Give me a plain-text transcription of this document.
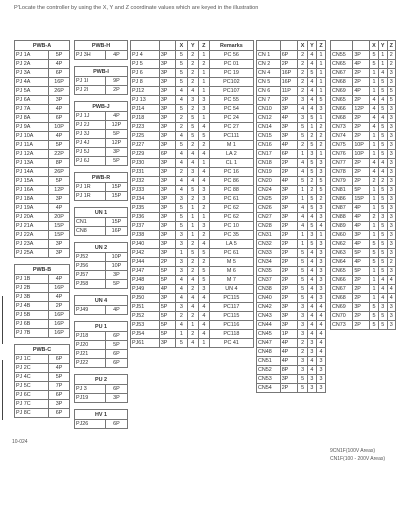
P'Locate the controller by using the X, Y and Z coordinate values which are keyed in the illustration
PWB-A	
PJ 1A	5P
PJ 2A	4P
PJ 3A	6P
PJ 4A	16P
PJ 5A	26P
PJ 6A	3P
PJ 7A	4P
PJ 8A	6P
PJ 9A	10P
PJ 10A	4P
PJ 11A	5P
PJ 12A	22P
PJ 13A	8P
PJ 14A	26P
PJ 15A	5P
PJ 16A	12P
PJ 18A	3P
PJ 19A	4P
PJ 20A	20P
PJ 21A	15P
PJ 22A	15P
PJ 23A	3P
PJ 25A	3P

PWB-B	
PJ 1B	4P
PJ 2B	16P
PJ 3B	4P
PJ 4B	2P
PJ 5B	16P
PJ 6B	16P
PJ 7B	16P

PWB-C	
PJ 1C	6P
PJ 2C	4P
PJ 4C	5P
PJ 5C	7P
PJ 6C	6P
PJ 7C	3P
PJ 8C	6P
PWB-H	
PJ 3H	4P

PWB-I	
PJ 1I	9P
PJ 2I	2P

PWB-J	
PJ 1J	4P
PJ 2J	12P
PJ 3J	5P
PJ 4J	12P
PJ 5J	3P
PJ 6J	5P

PWB-R	
PJ 1R	15P
PJ 1R	15P

UN 1	
CN1	15P
CN8	16P

UN 2	
PJ52	10P
PJ56	10P
PJ57	3P
PJ58	5P

UN 4	
PJ49	4P

PU 1	
PJ18	6P
PJ20	5P
PJ21	6P
PJ22	6P

PU 2	
PJ 3	6P
PJ19	3P

HV 1	
PJ26	6P
		X	Y	Z	Remarks
PJ 4	3P	5	2	1	PC 56
PJ 5	3P	5	2	2	PC 01
PJ 6	3P	5	2	1	PC 19
PJ 8	3P	5	2	1	PC102
PJ12	3P	4	4	1	PC107
PJ 13	3P	4	3	3	PC 55
PJ14	3P	5	2	3	PC 54
PJ18	3P	2	5	1	PC 24
PJ23	3P	2	5	4	PC 27
PJ25	3P	4	5	5	PC111
PJ27	3P	5	2	2	M 1
PJ29	6P	4	4	4	LA 2
PJ30	3P	4	4	1	CL 1
PJ31	3P	2	3	4	PC 16
PJ32	3P	4	4	4	PC 86
PJ33	3P	4	5	3	PC 88
PJ34	3P	3	2	3	PC 61
PJ35	3P	5	1	2	PC 62
PJ36	3P	5	1	1	PC 62
PJ37	3P	5	1	3	PC 10
PJ38	3P	3	1	2	PC 35
PJ40	3P	3	2	4	LA 5
PJ42	3P	1	5	5	PC 61
PJ44	2P	3	2	2	M 5
PJ47	5P	3	2	5	M 6
PJ48	5P	4	4	5	M 7
PJ49	4P	4	2	3	UN 4
PJ50	3P	4	4	4	PC115
PJ51	5P	3	4	4	PC117
PJ52	5P	2	2	4	PC115
PJ53	5P	4	1	4	PC116
PJ54	5P	1	2	4	PC118
PJ61	3P	5	4	1	PC 41
		X	Y	Z
CN 1	6P	2	4	1
CN 2	2P	2	4	1
CN 4	16P	2	5	1
CN 5	16P	2	4	1
CN 6	11P	2	4	1
CN 7	2P	3	4	5
CN10	3P	4	4	3
CN12	4P	3	5	1
CN14	3P	5	1	2
CN15	3P	5	2	2
CN16	4P	2	5	2
CN17	6P	1	3	1
CN18	2P	4	5	3
CN19	2P	4	5	3
CN20	4P	5	2	5
CN24	3P	1	2	5
CN25	2P	1	5	2
CN26	3P	4	5	3
CN27	3P	4	4	3
CN28	2P	4	5	4
CN31	2P	1	3	1
CN32	2P	1	5	3
CN33	2P	5	4	3
CN34	2P	5	4	3
CN35	2P	5	4	3
CN37	2P	5	4	3
CN38	2P	5	4	3
CN40	2P	5	4	3
CN42	3P	3	4	4
CN43	3P	3	4	4
CN44	3P	3	4	4
CN45	1P	3	4	4
CN47	4P	2	3	4
CN48	4P	2	3	4
CN51	4P	3	4	3
CN52	8P	3	4	3
CN53	3P	5	3	3
CN54	2P	5	3	3
		X	Y	Z
CN55	3P	5	1	2
CN65	4P	5	1	2
CN67	2P	1	4	3
CN68	2P	1	5	3
CN69	4P	1	5	5
CN65	2P	4	4	5
CN66	12P	4	5	3
CN68	2P	4	4	3
CN73	2P	4	5	3
CN74	2P	1	5	3
CN75	10P	1	5	3
CN76	10P	1	5	3
CN77	2P	4	4	3
CN78	2P	4	4	3
CN79	2P	2	2	3
CN81	5P	1	5	3
CN86	15P	1	5	3
CN87	4P	1	5	3
CN88	4P	2	3	3
CN89	4P	1	5	3
CN60	3P	1	5	3
CN62	4P	5	5	3
CN63	5P	5	5	3
CN64	4P	5	5	2
CN65	5P	1	5	3
CN66	2P	1	4	4
CN67	2P	1	4	4
CN68	2P	1	4	4
CN69	3P	5	3	3
CN70	2P	5	5	3
CN73	2P	5	5	3
9CN1F(100V Areas)
CN1F(100 - 200V Areas)
10-024
